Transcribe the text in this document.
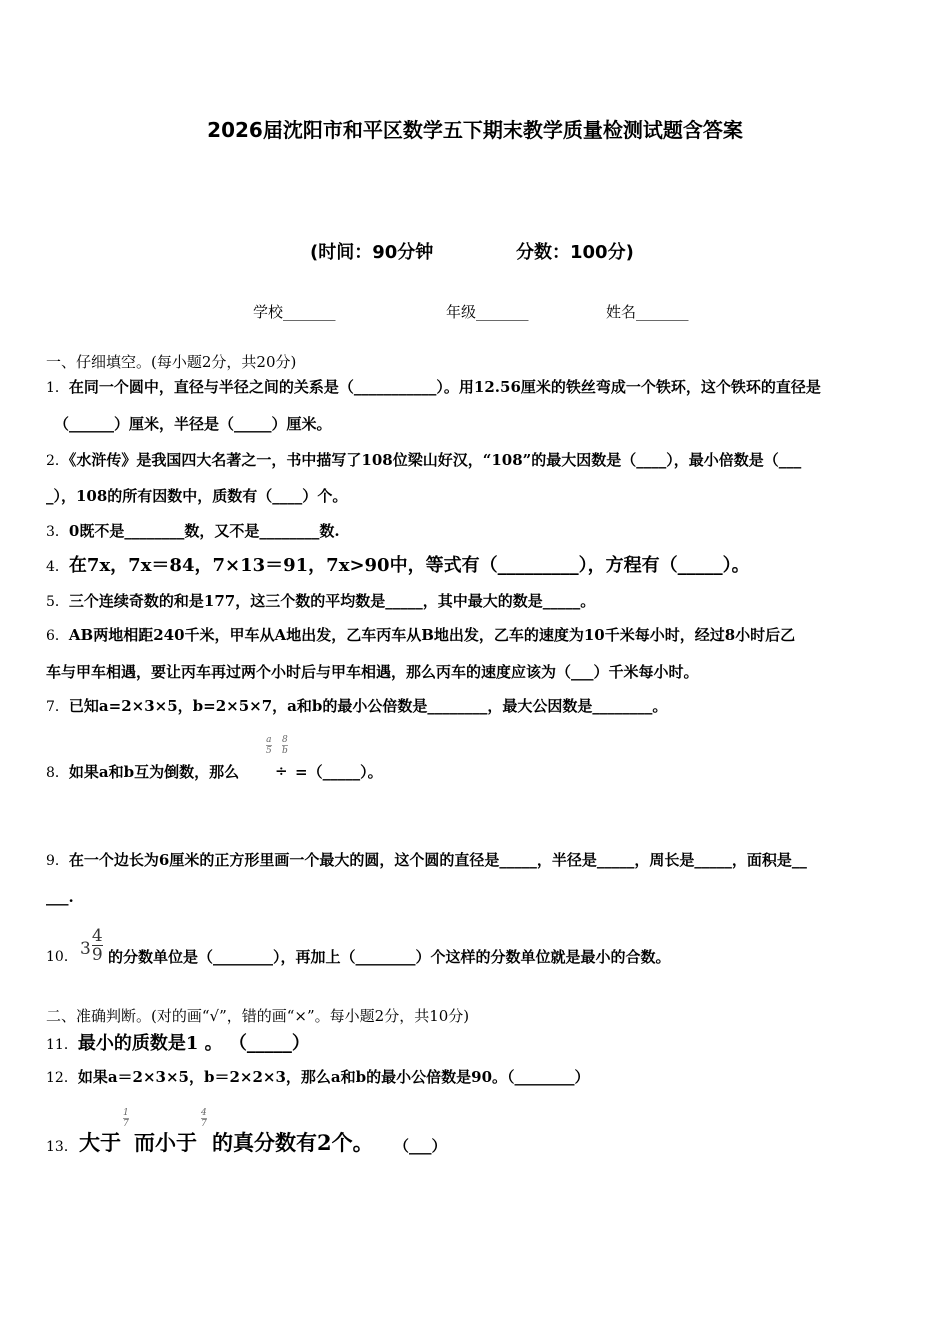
2026届沈阳市和平区数学五下期末教学质量检测试题含答案
(时间：90分钟	分数：100分)
学校_______	年级_______	姓名_______
一、仔细填空。(每小题2分，共20分)
1．在同一个圆中，直径与半径之间的关系是（___________）。用12.56厘米的铁丝弯成一个铁环，这个铁环的直径是
（______）厘米，半径是（_____）厘米。
2．《水浒传》是我国四大名著之一，书中描写了108位梁山好汉，“108”的最大因数是（____），最小倍数是（___
_），108的所有因数中，质数有（____）个。
3．0既不是________数，又不是________数.
4．在7x，7x＝84，7×13＝91，7x>90中，等式有（_________），方程有（_____）。
5．三个连续奇数的和是177，这三个数的平均数是_____，其中最大的数是_____。
6．AB两地相距240千米，甲车从A地出发，乙车丙车从B地出发，乙车的速度为10千米每小时，经过8小时后乙
车与甲车相遇，要让丙车再过两个小时后与甲车相遇，那么丙车的速度应该为（___）千米每小时。
7．已知a=2×3×5，b=2×5×7，a和b的最小公倍数是________，最大公因数是________。
8．如果a和b互为倒数，那么
$\frac{a}{5} \frac{8}{b}$
÷ =（_____）。
9．在一个边长为6厘米的正方形里画一个最大的圆，这个圆的直径是_____，半径是_____，周长是_____，面积是__
___.
10． $3 \frac{4}{9}$ 的分数单位是（________），再加上（________）个这样的分数单位就是最小的合数。
二、准确判断。(对的画“√”，错的画“×”。每小题2分，共10分)
11．最小的质数是1 。 （_____）
12．如果a＝2×3×5，b＝2×2×3，那么a和b的最小公倍数是90。（________）
13． 大于
$\frac{1}{7}$
而小于
$\frac{4}{7}$
的真分数有2个。 （___）
